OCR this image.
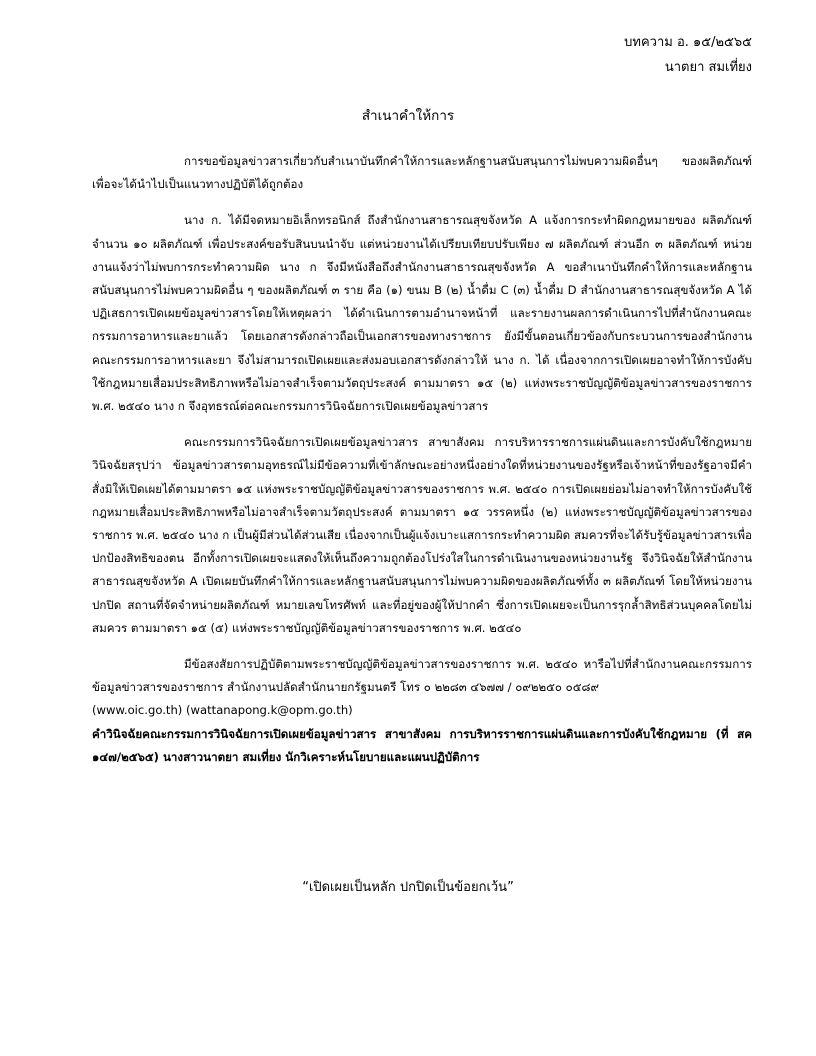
บทความ อ. ๑๕/๒๕๖๕
นาตยา สมเที่ยง
สำเนาคำให้การ

การขอข้อมูลข่าวสารเกี่ยวกับสำเนาบันทึกคำให้การและหลักฐานสนับสนุนการไม่พบความผิดอื่นๆ ของผลิตภัณฑ์ เพื่อจะได้นำไปเป็นแนวทางปฏิบัติได้ถูกต้อง

นาง ก. ได้มีจดหมายอิเล็กทรอนิกส์ ถึงสำนักงานสาธารณสุขจังหวัด A แจ้งการกระทำผิดกฎหมายของ ผลิตภัณฑ์ จำนวน ๑๐ ผลิตภัณฑ์ เพื่อประสงค์ขอรับสินบนนำจับ แต่หน่วยงานได้เปรียบเทียบปรับเพียง ๗ ผลิตภัณฑ์ ส่วนอีก ๓ ผลิตภัณฑ์ หน่วยงานแจ้งว่าไม่พบการกระทำความผิด นาง ก จึงมีหนังสือถึงสำนักงานสาธารณสุขจังหวัด A ขอสำเนาบันทึกคำให้การและหลักฐานสนับสนุนการไม่พบความผิดอื่น ๆ ของผลิตภัณฑ์ ๓ ราย คือ (๑) ขนม B (๒) น้ำดื่ม C (๓) น้ำดื่ม D สำนักงานสาธารณสุขจังหวัด A ได้ปฏิเสธการเปิดเผยข้อมูลข่าวสารโดยให้เหตุผลว่า ได้ดำเนินการตามอำนาจหน้าที่ และรายงานผลการดำเนินการไปที่สำนักงานคณะกรรมการอาหารและยาแล้ว โดยเอกสารดังกล่าวถือเป็นเอกสารของทางราชการ ยังมีขั้นตอนเกี่ยวข้องกับกระบวนการของสำนักงานคณะกรรมการอาหารและยา จึงไม่สามารถเปิดเผยและส่งมอบเอกสารดังกล่าวให้ นาง ก. ได้ เนื่องจากการเปิดเผยอาจทำให้การบังคับใช้กฎหมายเสื่อมประสิทธิภาพหรือไม่อาจสำเร็จตามวัตถุประสงค์ ตามมาตรา ๑๕ (๒) แห่งพระราชบัญญัติข้อมูลข่าวสารของราชการ พ.ศ. ๒๕๔๐ นาง ก จึงอุทธรณ์ต่อคณะกรรมการวินิจฉัยการเปิดเผยข้อมูลข่าวสาร

คณะกรรมการวินิจฉัยการเปิดเผยข้อมูลข่าวสาร สาขาสังคม การบริหารราชการแผ่นดินและการบังคับใช้กฎหมาย วินิจฉัยสรุปว่า ข้อมูลข่าวสารตามอุทธรณ์ไม่มีข้อความที่เข้าลักษณะอย่างหนึ่งอย่างใดที่หน่วยงานของรัฐหรือเจ้าหน้าที่ของรัฐอาจมีคำสั่งมิให้เปิดเผยได้ตามมาตรา ๑๕ แห่งพระราชบัญญัติข้อมูลข่าวสารของราชการ พ.ศ. ๒๕๔๐ การเปิดเผยย่อมไม่อาจทำให้การบังคับใช้กฎหมายเสื่อมประสิทธิภาพหรือไม่อาจสำเร็จตามวัตถุประสงค์ ตามมาตรา ๑๕ วรรคหนึ่ง (๒) แห่งพระราชบัญญัติข้อมูลข่าวสารของราชการ พ.ศ. ๒๕๔๐ นาง ก เป็นผู้มีส่วนได้ส่วนเสีย เนื่องจากเป็นผู้แจ้งเบาะแสการกระทำความผิด สมควรที่จะได้รับรู้ข้อมูลข่าวสารเพื่อปกป้องสิทธิของตน อีกทั้งการเปิดเผยจะแสดงให้เห็นถึงความถูกต้องโปร่งใสในการดำเนินงานของหน่วยงานรัฐ จึงวินิจฉัยให้สำนักงานสาธารณสุขจังหวัด A เปิดเผยบันทึกคำให้การและหลักฐานสนับสนุนการไม่พบความผิดของผลิตภัณฑ์ทั้ง ๓ ผลิตภัณฑ์ โดยให้หน่วยงานปกปิด สถานที่จัดจำหน่ายผลิตภัณฑ์ หมายเลขโทรศัพท์ และที่อยู่ของผู้ให้ปากคำ ซึ่งการเปิดเผยจะเป็นการรุกล้ำสิทธิส่วนบุคคลโดยไม่สมควร ตามมาตรา ๑๕ (๕) แห่งพระราชบัญญัติข้อมูลข่าวสารของราชการ พ.ศ. ๒๕๔๐

มีข้อสงสัยการปฏิบัติตามพระราชบัญญัติข้อมูลข่าวสารของราชการ พ.ศ. ๒๕๔๐ หารือไปที่สำนักงานคณะกรรมการข้อมูลข่าวสารของราชการ สำนักงานปลัดสำนักนายกรัฐมนตรี โทร ๐ ๒๒๘๓ ๔๖๗๗ / ๐๙๒๒๕๐ ๐๕๘๙

(www.oic.go.th) (wattanapong.k@opm.go.th)

คำวินิจฉัยคณะกรรมการวินิจฉัยการเปิดเผยข้อมูลข่าวสาร สาขาสังคม การบริหารราชการแผ่นดินและการบังคับใช้กฎหมาย (ที่ สค ๑๔๗/๒๕๖๕) นางสาวนาตยา สมเที่ยง นักวิเคราะห์นโยบายและแผนปฏิบัติการ

“เปิดเผยเป็นหลัก ปกปิดเป็นข้อยกเว้น”
